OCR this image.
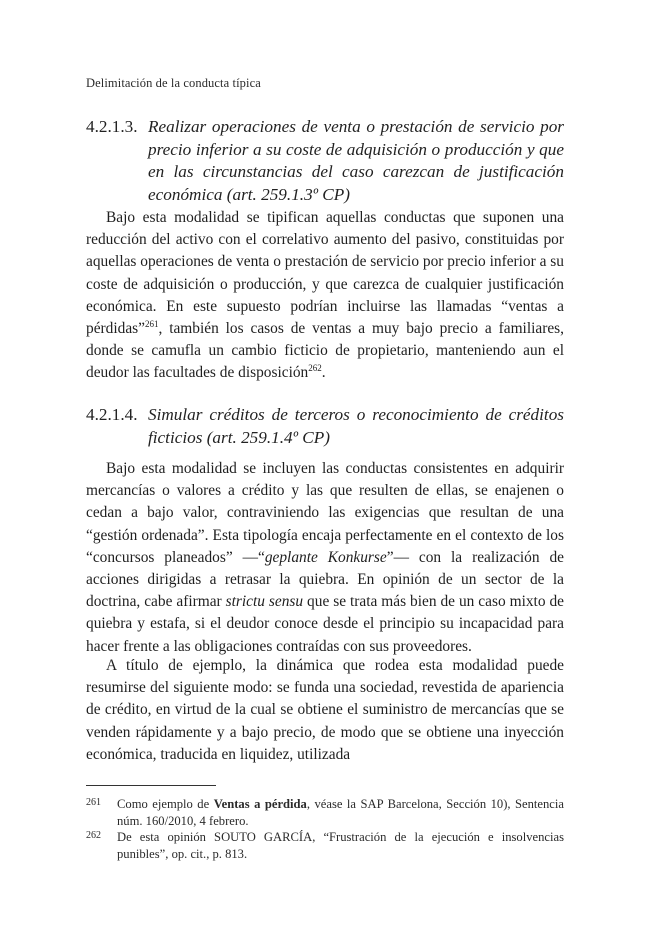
Delimitación de la conducta típica
4.2.1.3. Realizar operaciones de venta o prestación de servicio por precio inferior a su coste de adquisición o producción y que en las circunstancias del caso carezcan de justificación económica (art. 259.1.3º CP)

Bajo esta modalidad se tipifican aquellas conductas que suponen una reducción del activo con el correlativo aumento del pasivo, constituidas por aquellas operaciones de venta o prestación de servicio por precio inferior a su coste de adquisición o producción, y que carezca de cualquier justificación económica. En este supuesto podrían incluirse las llamadas “ventas a pérdidas”$^{261}$, también los casos de ventas a muy bajo precio a familiares, donde se camufla un cambio ficticio de propietario, manteniendo aun el deudor las facultades de disposición$^{262}$.

4.2.1.4. Simular créditos de terceros o reconocimiento de créditos ficticios (art. 259.1.4º CP)

Bajo esta modalidad se incluyen las conductas consistentes en adquirir mercancías o valores a crédito y las que resulten de ellas, se enajenen o cedan a bajo valor, contraviniendo las exigencias que resultan de una “gestión ordenada”. Esta tipología encaja perfectamente en el contexto de los “concursos planeados” —“geplante Konkurse”— con la realización de acciones dirigidas a retrasar la quiebra. En opinión de un sector de la doctrina, cabe afirmar strictu sensu que se trata más bien de un caso mixto de quiebra y estafa, si el deudor conoce desde el principio su incapacidad para hacer frente a las obligaciones contraídas con sus proveedores.

A título de ejemplo, la dinámica que rodea esta modalidad puede resumirse del siguiente modo: se funda una sociedad, revestida de apariencia de crédito, en virtud de la cual se obtiene el suministro de mercancías que se venden rápidamente y a bajo precio, de modo que se obtiene una inyección económica, traducida en liquidez, utilizada

261 Como ejemplo de Ventas a pérdida, véase la SAP Barcelona, Sección 10), Sentencia núm. 160/2010, 4 febrero.
262 De esta opinión SOUTO GARCÍA, “Frustración de la ejecución e insolvencias punibles”, op. cit., p. 813.
